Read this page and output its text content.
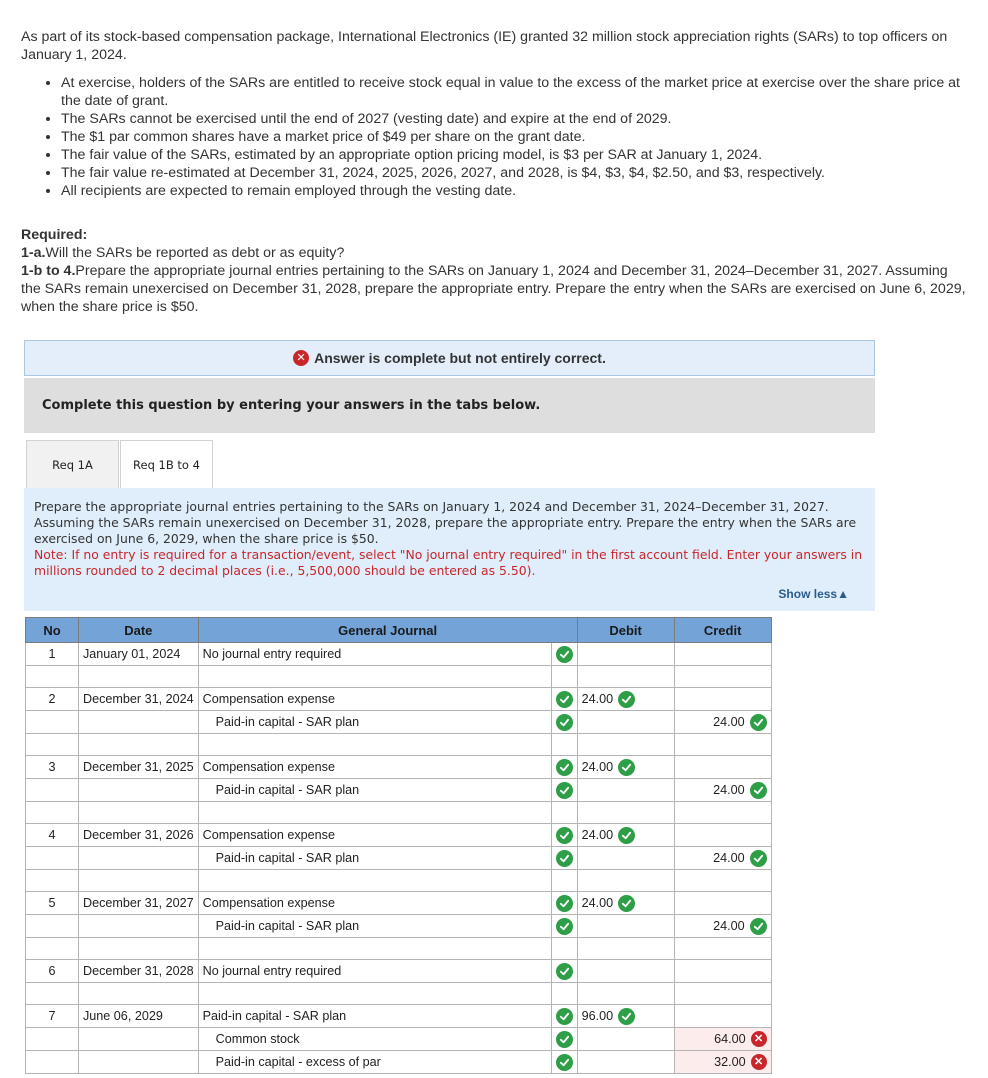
As part of its stock-based compensation package, International Electronics (IE) granted 32 million stock appreciation rights (SARs) to top officers on January 1, 2024.

• At exercise, holders of the SARs are entitled to receive stock equal in value to the excess of the market price at exercise over the share price at the date of grant.
• The SARs cannot be exercised until the end of 2027 (vesting date) and expire at the end of 2029.
• The $1 par common shares have a market price of $49 per share on the grant date.
• The fair value of the SARs, estimated by an appropriate option pricing model, is $3 per SAR at January 1, 2024.
• The fair value re-estimated at December 31, 2024, 2025, 2026, 2027, and 2028, is $4, $3, $4, $2.50, and $3, respectively.
• All recipients are expected to remain employed through the vesting date.

Required:

1-a.Will the SARs be reported as debt or as equity?

1-b to 4.Prepare the appropriate journal entries pertaining to the SARs on January 1, 2024 and December 31, 2024–December 31, 2027. Assuming the SARs remain unexercised on December 31, 2028, prepare the appropriate entry. Prepare the entry when the SARs are exercised on June 6, 2029, when the share price is $50.

✕ Answer is complete but not entirely correct.
Complete this question by entering your answers in the tabs below.
Req 1A	Req 1B to 4

Prepare the appropriate journal entries pertaining to the SARs on January 1, 2024 and December 31, 2024–December 31, 2027. Assuming the SARs remain unexercised on December 31, 2028, prepare the appropriate entry. Prepare the entry when the SARs are exercised on June 6, 2029, when the share price is $50.

Note: If no entry is required for a transaction/event, select "No journal entry required" in the first account field. Enter your answers in millions rounded to 2 decimal places (i.e., 5,500,000 should be entered as 5.50).

Show less▲
No	Date	General Journal		Debit	Credit
1	January 01, 2024	No journal entry required	

2	December 31, 2024	Compensation expense		24.00	

		Paid-in capital - SAR plan			24.00

3	December 31, 2025	Compensation expense		24.00	

		Paid-in capital - SAR plan			24.00

4	December 31, 2026	Compensation expense		24.00	

		Paid-in capital - SAR plan			24.00

5	December 31, 2027	Compensation expense		24.00	

		Paid-in capital - SAR plan			24.00

6	December 31, 2028	No journal entry required	

7	June 06, 2029	Paid-in capital - SAR plan		96.00	

		Common stock			64.00 ✕

		Paid-in capital - excess of par			32.00 ✕
